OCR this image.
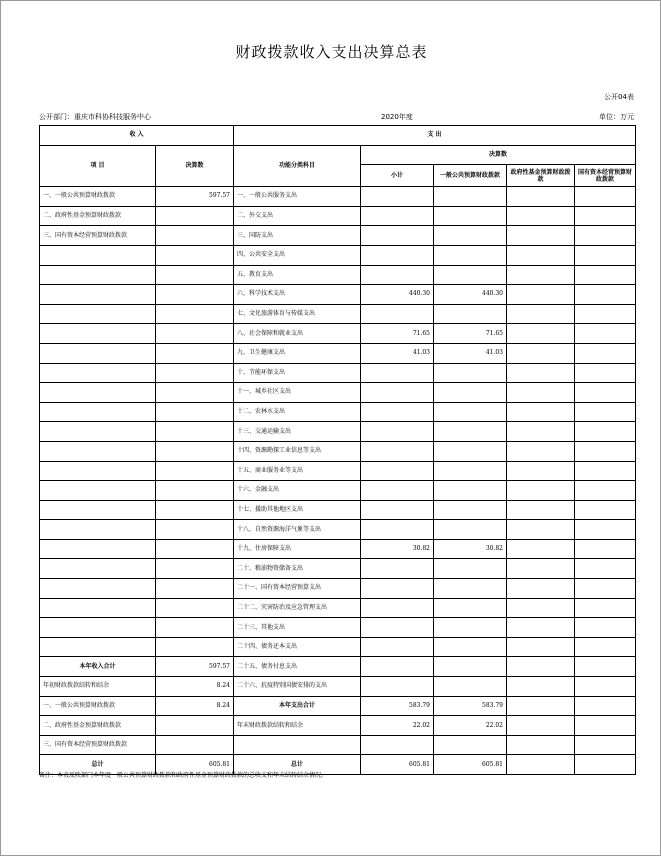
财政拨款收入支出决算总表
公开04表
公开部门：重庆市科协科技服务中心	2020年度	单位：万元
收 入		支 出				
项 目	决算数	功能分类科目	决算数			
			小计	一般公共预算财政拨款	政府性基金预算财政拨款	国有资本经营预算财政拨款
一、一般公共预算财政拨款	597.57	一、一般公共服务支出				
二、政府性基金预算财政拨款		二、外交支出				
三、国有资本经营预算财政拨款		三、国防支出				
		四、公共安全支出				
		五、教育支出				
		六、科学技术支出	440.30	440.30		
		七、文化旅游体育与传媒支出				
		八、社会保障和就业支出	71.65	71.65		
		九、卫生健康支出	41.03	41.03		
		十、节能环保支出				
		十一、城乡社区支出				
		十二、农林水支出				
		十三、交通运输支出				
		十四、资源勘探工业信息等支出				
		十五、商业服务业等支出				
		十六、金融支出				
		十七、援助其他地区支出				
		十八、自然资源海洋气象等支出				
		十九、住房保障支出	30.82	30.82		
		二十、粮油物资储备支出				
		二十一、国有资本经营预算支出				
		二十二、灾害防治及应急管理支出				
		二十三、其他支出				
		二十四、债务还本支出				
本年收入合计	597.57	二十五、债务付息支出				
年初财政拨款结转和结余	8.24	二十六、抗疫特别国债安排的支出				
一、一般公共预算财政拨款	8.24	本年支出合计	583.79	583.79		
二、政府性基金预算财政拨款		年末财政拨款结转和结余	22.02	22.02		
三、国有资本经营预算财政拨款						
总计	605.81	总计	605.81	605.81		
备注：本表反映部门本年度一般公共预算财政拨款和政府性基金预算财政拨款的总收支和年末结转结余情况。
